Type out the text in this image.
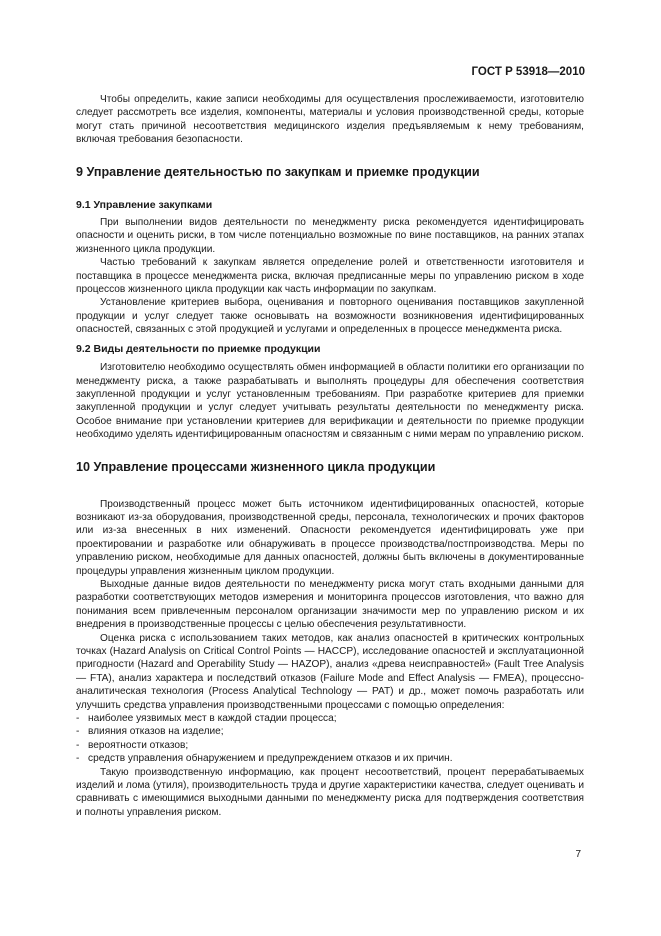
ГОСТ Р 53918—2010

Чтобы определить, какие записи необходимы для осуществления прослеживаемости, изготовителю следует рассмотреть все изделия, компоненты, материалы и условия производственной среды, которые могут стать причиной несоответствия медицинского изделия предъявляемым к нему требованиям, включая требования безопасности.

9 Управление деятельностью по закупкам и приемке продукции
9.1 Управление закупками

При выполнении видов деятельности по менеджменту риска рекомендуется идентифицировать опасности и оценить риски, в том числе потенциально возможные по вине поставщиков, на ранних этапах жизненного цикла продукции.

Частью требований к закупкам является определение ролей и ответственности изготовителя и поставщика в процессе менеджмента риска, включая предписанные меры по управлению риском в ходе процессов жизненного цикла продукции как часть информации по закупкам.

Установление критериев выбора, оценивания и повторного оценивания поставщиков закупленной продукции и услуг следует также основывать на возможности возникновения идентифицированных опасностей, связанных с этой продукцией и услугами и определенных в процессе менеджмента риска.

9.2 Виды деятельности по приемке продукции

Изготовителю необходимо осуществлять обмен информацией в области политики его организации по менеджменту риска, а также разрабатывать и выполнять процедуры для обеспечения соответствия закупленной продукции и услуг установленным требованиям. При разработке критериев для приемки закупленной продукции и услуг следует учитывать результаты деятельности по менеджменту риска. Особое внимание при установлении критериев для верификации и деятельности по приемке продукции необходимо уделять идентифицированным опасностям и связанным с ними мерам по управлению риском.

10 Управление процессами жизненного цикла продукции

Производственный процесс может быть источником идентифицированных опасностей, которые возникают из-за оборудования, производственной среды, персонала, технологических и прочих факторов или из-за внесенных в них изменений. Опасности рекомендуется идентифицировать уже при проектировании и разработке или обнаруживать в процессе производства/постпроизводства. Меры по управлению риском, необходимые для данных опасностей, должны быть включены в документированные процедуры управления жизненным циклом продукции.

Выходные данные видов деятельности по менеджменту риска могут стать входными данными для разработки соответствующих методов измерения и мониторинга процессов изготовления, что важно для понимания всем привлеченным персоналом организации значимости мер по управлению риском и их внедрения в производственные процессы с целью обеспечения результативности.

Оценка риска с использованием таких методов, как анализ опасностей в критических контрольных точках (Hazard Analysis on Critical Control Points — HACCP), исследование опасностей и эксплуатационной пригодности (Hazard and Operability Study — HAZOP), анализ «древа неисправностей» (Fault Tree Analysis — FTA), анализ характера и последствий отказов (Failure Mode and Effect Analysis — FMEA), процессно-аналитическая технология (Process Analytical Technology — PAT) и др., может помочь разработать или улучшить средства управления производственными процессами с помощью определения:

- наиболее уязвимых мест в каждой стадии процесса;
- влияния отказов на изделие;
- вероятности отказов;
- средств управления обнаружением и предупреждением отказов и их причин.

Такую производственную информацию, как процент несоответствий, процент перерабатываемых изделий и лома (утиля), производительность труда и другие характеристики качества, следует оценивать и сравнивать с имеющимися выходными данными по менеджменту риска для подтверждения соответствия и полноты управления риском.

7
